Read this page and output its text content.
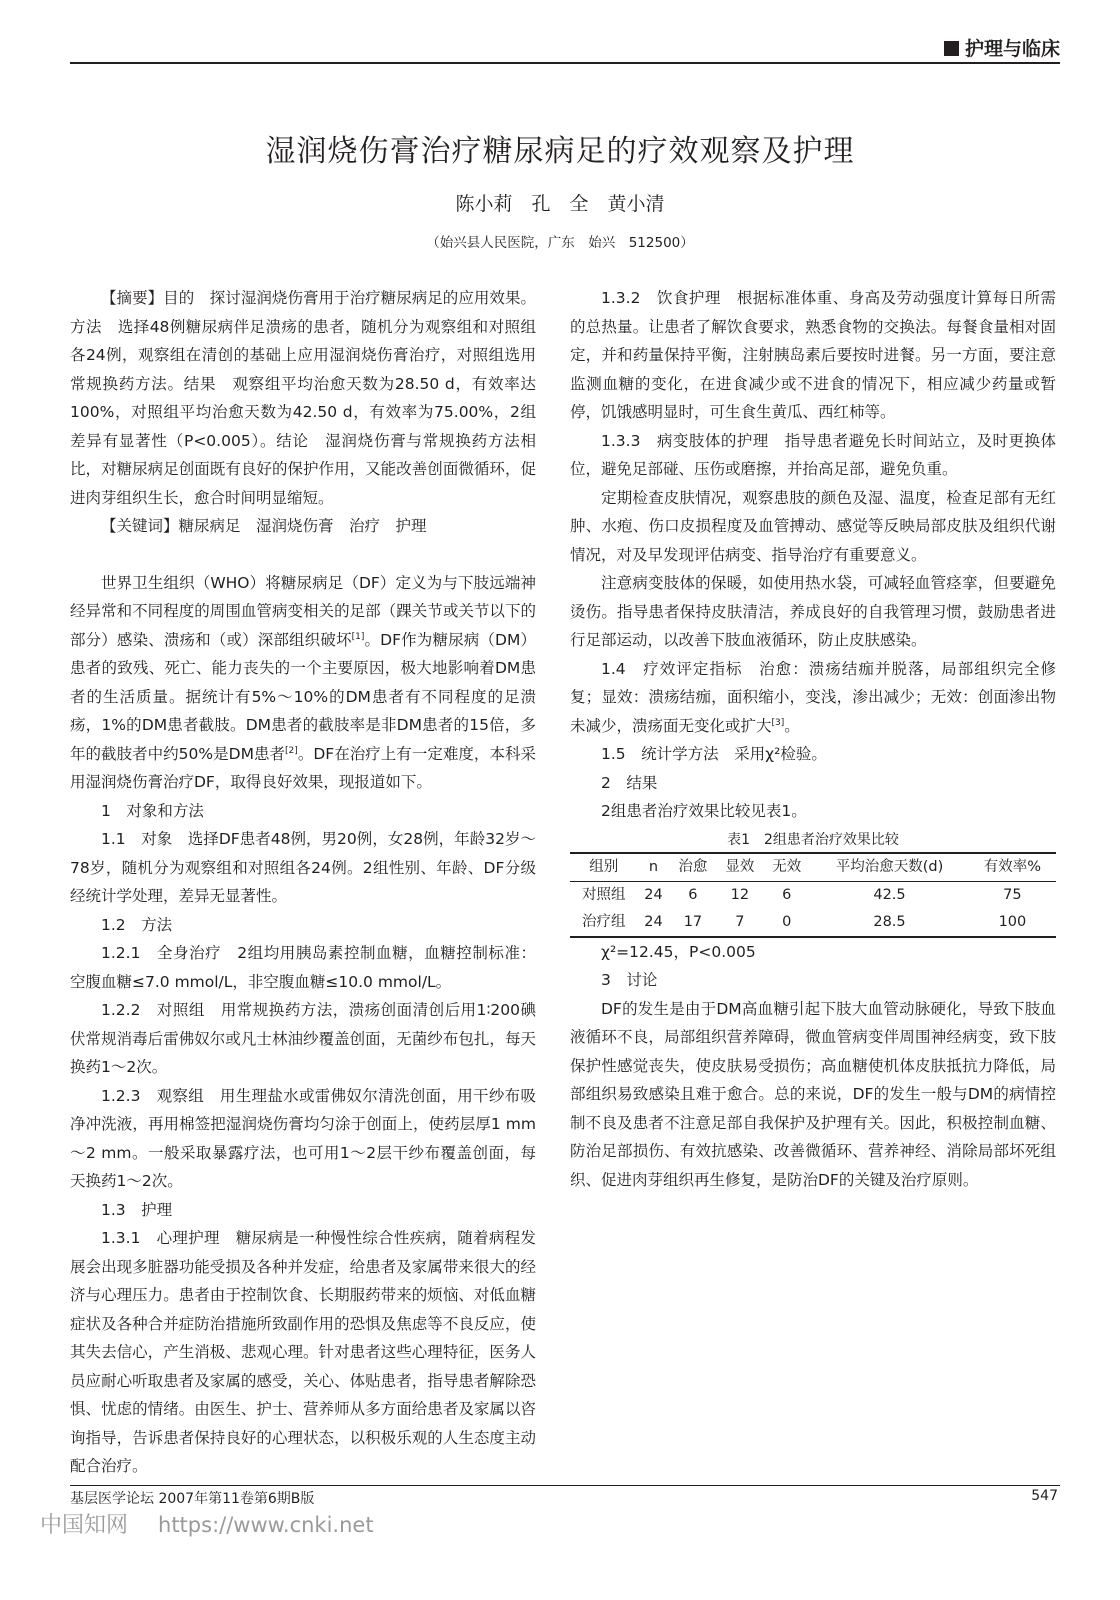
护理与临床
湿润烧伤膏治疗糖尿病足的疗效观察及护理
陈小莉　孔　全　黄小清
（始兴县人民医院，广东　始兴　512500）

【摘要】目的　探讨湿润烧伤膏用于治疗糖尿病足的应用效果。方法　选择48例糖尿病伴足溃疡的患者，随机分为观察组和对照组各24例，观察组在清创的基础上应用湿润烧伤膏治疗，对照组选用常规换药方法。结果　观察组平均治愈天数为28.50 d，有效率达100%，对照组平均治愈天数为42.50 d，有效率为75.00%，2组差异有显著性（P<0.005）。结论　湿润烧伤膏与常规换药方法相比，对糖尿病足创面既有良好的保护作用，又能改善创面微循环，促进肉芽组织生长，愈合时间明显缩短。

【关键词】糖尿病足　湿润烧伤膏　治疗　护理

世界卫生组织（WHO）将糖尿病足（DF）定义为与下肢远端神经异常和不同程度的周围血管病变相关的足部（踝关节或关节以下的部分）感染、溃疡和（或）深部组织破坏[1]。DF作为糖尿病（DM）患者的致残、死亡、能力丧失的一个主要原因，极大地影响着DM患者的生活质量。据统计有5%～10%的DM患者有不同程度的足溃疡，1%的DM患者截肢。DM患者的截肢率是非DM患者的15倍，多年的截肢者中约50%是DM患者[2]。DF在治疗上有一定难度，本科采用湿润烧伤膏治疗DF，取得良好效果，现报道如下。

1　对象和方法

1.1　对象　选择DF患者48例，男20例，女28例，年龄32岁～78岁，随机分为观察组和对照组各24例。2组性别、年龄、DF分级经统计学处理，差异无显著性。

1.2　方法

1.2.1　全身治疗　2组均用胰岛素控制血糖，血糖控制标准：空腹血糖≤7.0 mmol/L，非空腹血糖≤10.0 mmol/L。

1.2.2　对照组　用常规换药方法，溃疡创面清创后用1∶200碘伏常规消毒后雷佛奴尔或凡士林油纱覆盖创面，无菌纱布包扎，每天换药1～2次。

1.2.3　观察组　用生理盐水或雷佛奴尔清洗创面，用干纱布吸净冲洗液，再用棉签把湿润烧伤膏均匀涂于创面上，使药层厚1 mm～2 mm。一般采取暴露疗法，也可用1～2层干纱布覆盖创面，每天换药1～2次。

1.3　护理

1.3.1　心理护理　糖尿病是一种慢性综合性疾病，随着病程发展会出现多脏器功能受损及各种并发症，给患者及家属带来很大的经济与心理压力。患者由于控制饮食、长期服药带来的烦恼、对低血糖症状及各种合并症防治措施所致副作用的恐惧及焦虑等不良反应，使其失去信心，产生消极、悲观心理。针对患者这些心理特征，医务人员应耐心听取患者及家属的感受，关心、体贴患者，指导患者解除恐惧、忧虑的情绪。由医生、护士、营养师从多方面给患者及家属以咨询指导，告诉患者保持良好的心理状态，以积极乐观的人生态度主动配合治疗。

1.3.2　饮食护理　根据标准体重、身高及劳动强度计算每日所需的总热量。让患者了解饮食要求，熟悉食物的交换法。每餐食量相对固定，并和药量保持平衡，注射胰岛素后要按时进餐。另一方面，要注意监测血糖的变化，在进食减少或不进食的情况下，相应减少药量或暂停，饥饿感明显时，可生食生黄瓜、西红柿等。

1.3.3　病变肢体的护理　指导患者避免长时间站立，及时更换体位，避免足部碰、压伤或磨擦，并抬高足部，避免负重。

定期检查皮肤情况，观察患肢的颜色及湿、温度，检查足部有无红肿、水疱、伤口皮损程度及血管搏动、感觉等反映局部皮肤及组织代谢情况，对及早发现评估病变、指导治疗有重要意义。

注意病变肢体的保暖，如使用热水袋，可减轻血管痉挛，但要避免烫伤。指导患者保持皮肤清洁，养成良好的自我管理习惯，鼓励患者进行足部运动，以改善下肢血液循环，防止皮肤感染。

1.4　疗效评定指标　治愈：溃疡结痂并脱落，局部组织完全修复；显效：溃疡结痂，面积缩小，变浅，渗出减少；无效：创面渗出物未减少，溃疡面无变化或扩大[3]。

1.5　统计学方法　采用χ²检验。

2　结果

2组患者治疗效果比较见表1。

表1　2组患者治疗效果比较
组别	n	治愈	显效	无效	平均治愈天数(d)	有效率%
对照组	24	6	12	6	42.5	75
治疗组	24	17	7	0	28.5	100

χ²=12.45，P<0.005

3　讨论

DF的发生是由于DM高血糖引起下肢大血管动脉硬化，导致下肢血液循环不良，局部组织营养障碍，微血管病变伴周围神经病变，致下肢保护性感觉丧失，使皮肤易受损伤；高血糖使机体皮肤抵抗力降低，局部组织易致感染且难于愈合。总的来说，DF的发生一般与DM的病情控制不良及患者不注意足部自我保护及护理有关。因此，积极控制血糖、防治足部损伤、有效抗感染、改善微循环、营养神经、消除局部坏死组织、促进肉芽组织再生修复，是防治DF的关键及治疗原则。

基层医学论坛 2007年第11卷第6期B版	547
中国知网 https://www.cnki.net
